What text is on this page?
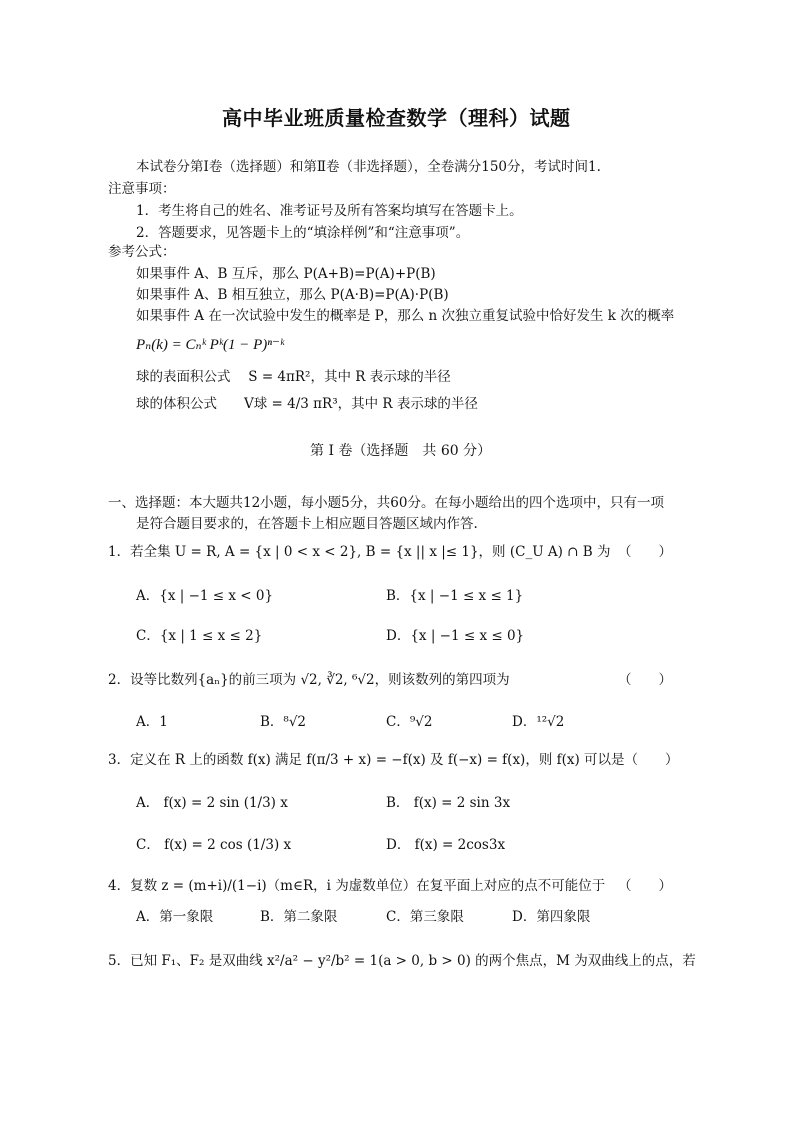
高中毕业班质量检查数学（理科）试题
本试卷分第Ⅰ卷（选择题）和第Ⅱ卷（非选择题），全卷满分150分，考试时间1.
注意事项：
1．考生将自己的姓名、准考证号及所有答案均填写在答题卡上。
2．答题要求，见答题卡上的“填涂样例”和“注意事项”。
参考公式：
如果事件 A、B 互斥，那么 P(A+B)=P(A)+P(B)
如果事件 A、B 相互独立，那么 P(A·B)=P(A)·P(B)
如果事件 A 在一次试验中发生的概率是 P，那么 n 次独立重复试验中恰好发生 k 次的概率
Pₙ(k) = Cₙᵏ Pᵏ(1 − P)ⁿ⁻ᵏ
球的表面积公式　 S = 4πR²，其中 R 表示球的半径
球的体积公式　　V球 = 4/3 πR³，其中 R 表示球的半径
第 Ⅰ 卷（选择题　共 60 分）
一、选择题：本大题共12小题，每小题5分，共60分。在每小题给出的四个选项中，只有一项
是符合题目要求的，在答题卡上相应题目答题区域内作答.
1．若全集 U = R, A = {x | 0 < x < 2}, B = {x || x |≤ 1}，则 (C_U A) ∩ B 为 （　　）
A．{x | −1 ≤ x < 0}	B．{x | −1 ≤ x ≤ 1}
C．{x | 1 ≤ x ≤ 2}	D．{x | −1 ≤ x ≤ 0}
2．设等比数列{aₙ}的前三项为 √2, ∛2, ⁶√2，则该数列的第四项为	（　　）
A．1	B．⁸√2	C．⁹√2	D．¹²√2
3．定义在 R 上的函数 f(x) 满足 f(π/3 + x) = −f(x) 及 f(−x) = f(x)，则 f(x) 可以是（　　）
A． f(x) = 2 sin (1/3) x	B． f(x) = 2 sin 3x
C． f(x) = 2 cos (1/3) x	D． f(x) = 2cos3x
4．复数 z = (m+i)/(1−i)（m∈R，i 为虚数单位）在复平面上对应的点不可能位于 （　　）
A．第一象限	B．第二象限	C．第三象限	D．第四象限
5．已知 F₁、F₂ 是双曲线 x²/a² − y²/b² = 1(a > 0, b > 0) 的两个焦点，M 为双曲线上的点，若
